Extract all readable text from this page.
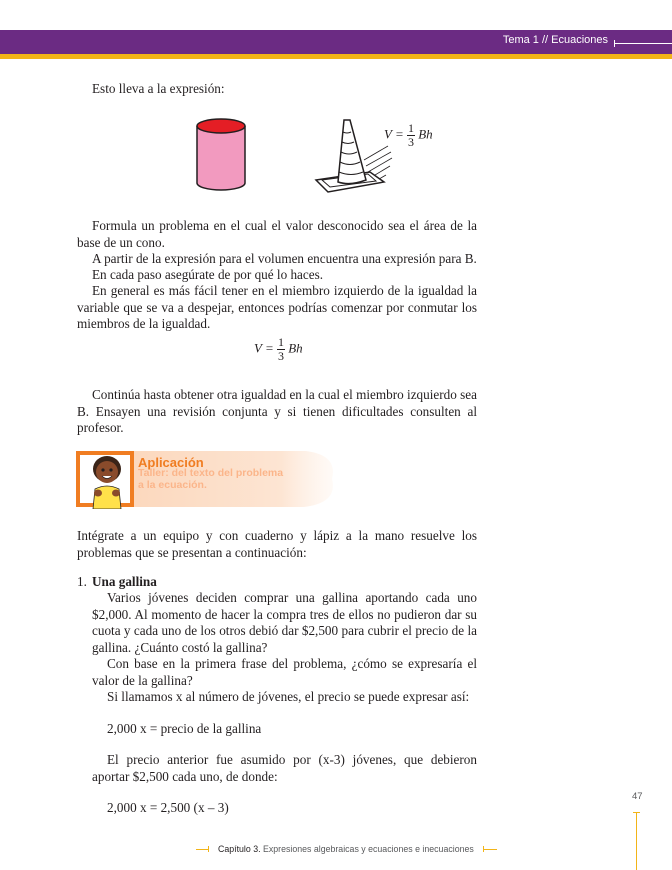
Tema 1 // Ecuaciones

Esto lleva a la expresión:

$V = \frac{1}{3}$ Bh

Formula un problema en el cual el valor desconocido sea el área de la base de un cono.

A partir de la expresión para el volumen encuentra una expresión para B.

En cada paso asegúrate de por qué lo haces.

En general es más fácil tener en el miembro izquierdo de la igualdad la variable que se va a despejar, entonces podrías comenzar por conmutar los miembros de la igualdad.

$V = \frac{1}{3}$ Bh

Continúa hasta obtener otra igualdad en la cual el miembro izquierdo sea B. Ensayen una revisión conjunta y si tienen dificultades consulten al profesor.

Aplicación
Taller: del texto del problema
a la ecuación.

Intégrate a un equipo y con cuaderno y lápiz a la mano resuelve los problemas que se presentan a continuación:

1. Una gallina

Varios jóvenes deciden comprar una gallina aportando cada uno $2,000. Al momento de hacer la compra tres de ellos no pudieron dar su cuota y cada uno de los otros debió dar $2,500 para cubrir el precio de la gallina. ¿Cuánto costó la gallina?

Con base en la primera frase del problema, ¿cómo se expresaría el valor de la gallina?

Si llamamos x al número de jóvenes, el precio se puede expresar así:

2,000 x = precio de la gallina

El precio anterior fue asumido por (x-3) jóvenes, que debieron aportar $2,500 cada uno, de donde:

2,000 x = 2,500 (x – 3)

47
Capítulo 3. Expresiones algebraicas y ecuaciones e inecuaciones
